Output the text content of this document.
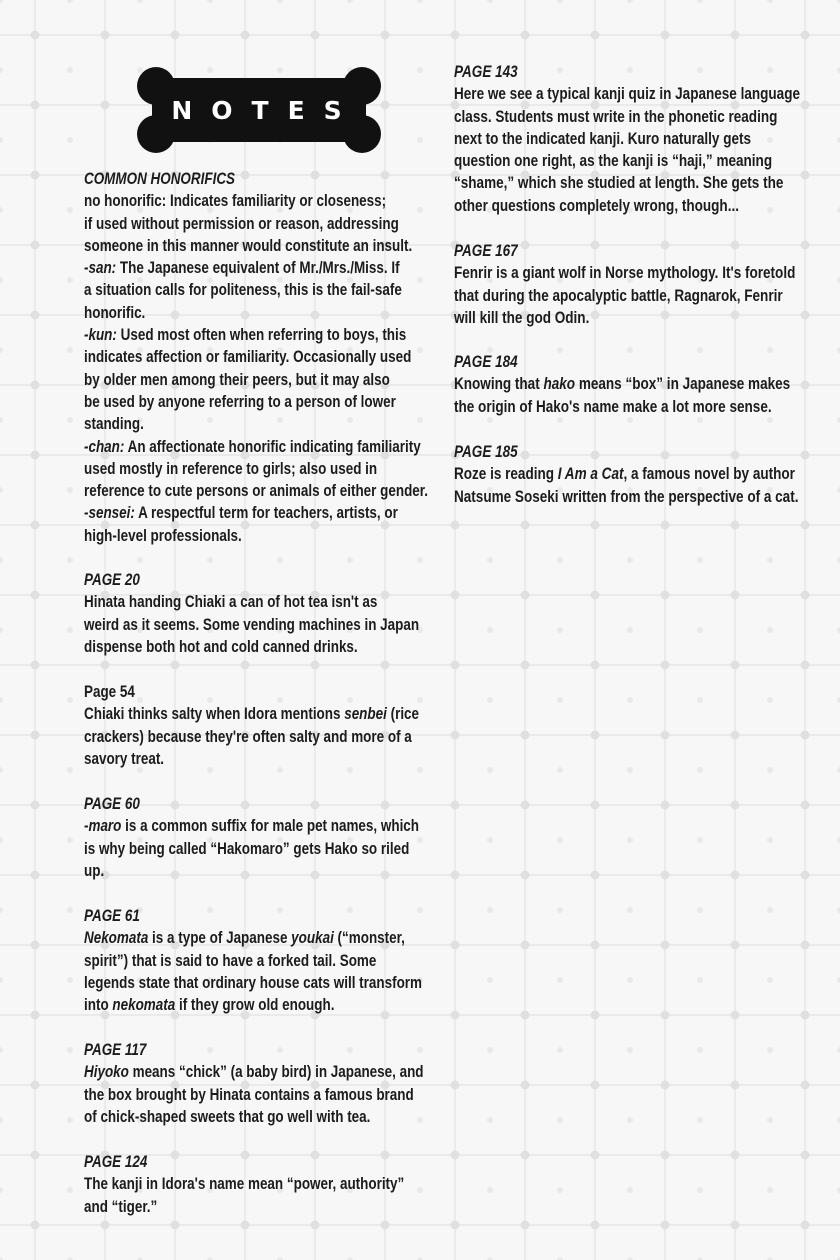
NOTES

COMMON HONORIFICS

no honorific: Indicates familiarity or closeness;

if used without permission or reason, addressing

someone in this manner would constitute an insult.

-san: The Japanese equivalent of Mr./Mrs./Miss. If

a situation calls for politeness, this is the fail-safe

honorific.

-kun: Used most often when referring to boys, this

indicates affection or familiarity. Occasionally used

by older men among their peers, but it may also

be used by anyone referring to a person of lower

standing.

-chan: An affectionate honorific indicating familiarity

used mostly in reference to girls; also used in

reference to cute persons or animals of either gender.

-sensei: A respectful term for teachers, artists, or

high-level professionals.

PAGE 20

Hinata handing Chiaki a can of hot tea isn't as

weird as it seems. Some vending machines in Japan

dispense both hot and cold canned drinks.

Page 54

Chiaki thinks salty when Idora mentions senbei (rice

crackers) because they're often salty and more of a

savory treat.

PAGE 60

-maro is a common suffix for male pet names, which

is why being called “Hakomaro” gets Hako so riled

up.

PAGE 61

Nekomata is a type of Japanese youkai (“monster,

spirit”) that is said to have a forked tail. Some

legends state that ordinary house cats will transform

into nekomata if they grow old enough.

PAGE 117

Hiyoko means “chick” (a baby bird) in Japanese, and

the box brought by Hinata contains a famous brand

of chick-shaped sweets that go well with tea.

PAGE 124

The kanji in Idora's name mean “power, authority”

and “tiger.”

PAGE 143

Here we see a typical kanji quiz in Japanese language

class. Students must write in the phonetic reading

next to the indicated kanji. Kuro naturally gets

question one right, as the kanji is “haji,” meaning

“shame,” which she studied at length. She gets the

other questions completely wrong, though...

PAGE 167

Fenrir is a giant wolf in Norse mythology. It's foretold

that during the apocalyptic battle, Ragnarok, Fenrir

will kill the god Odin.

PAGE 184

Knowing that hako means “box” in Japanese makes

the origin of Hako's name make a lot more sense.

PAGE 185

Roze is reading I Am a Cat, a famous novel by author

Natsume Soseki written from the perspective of a cat.
